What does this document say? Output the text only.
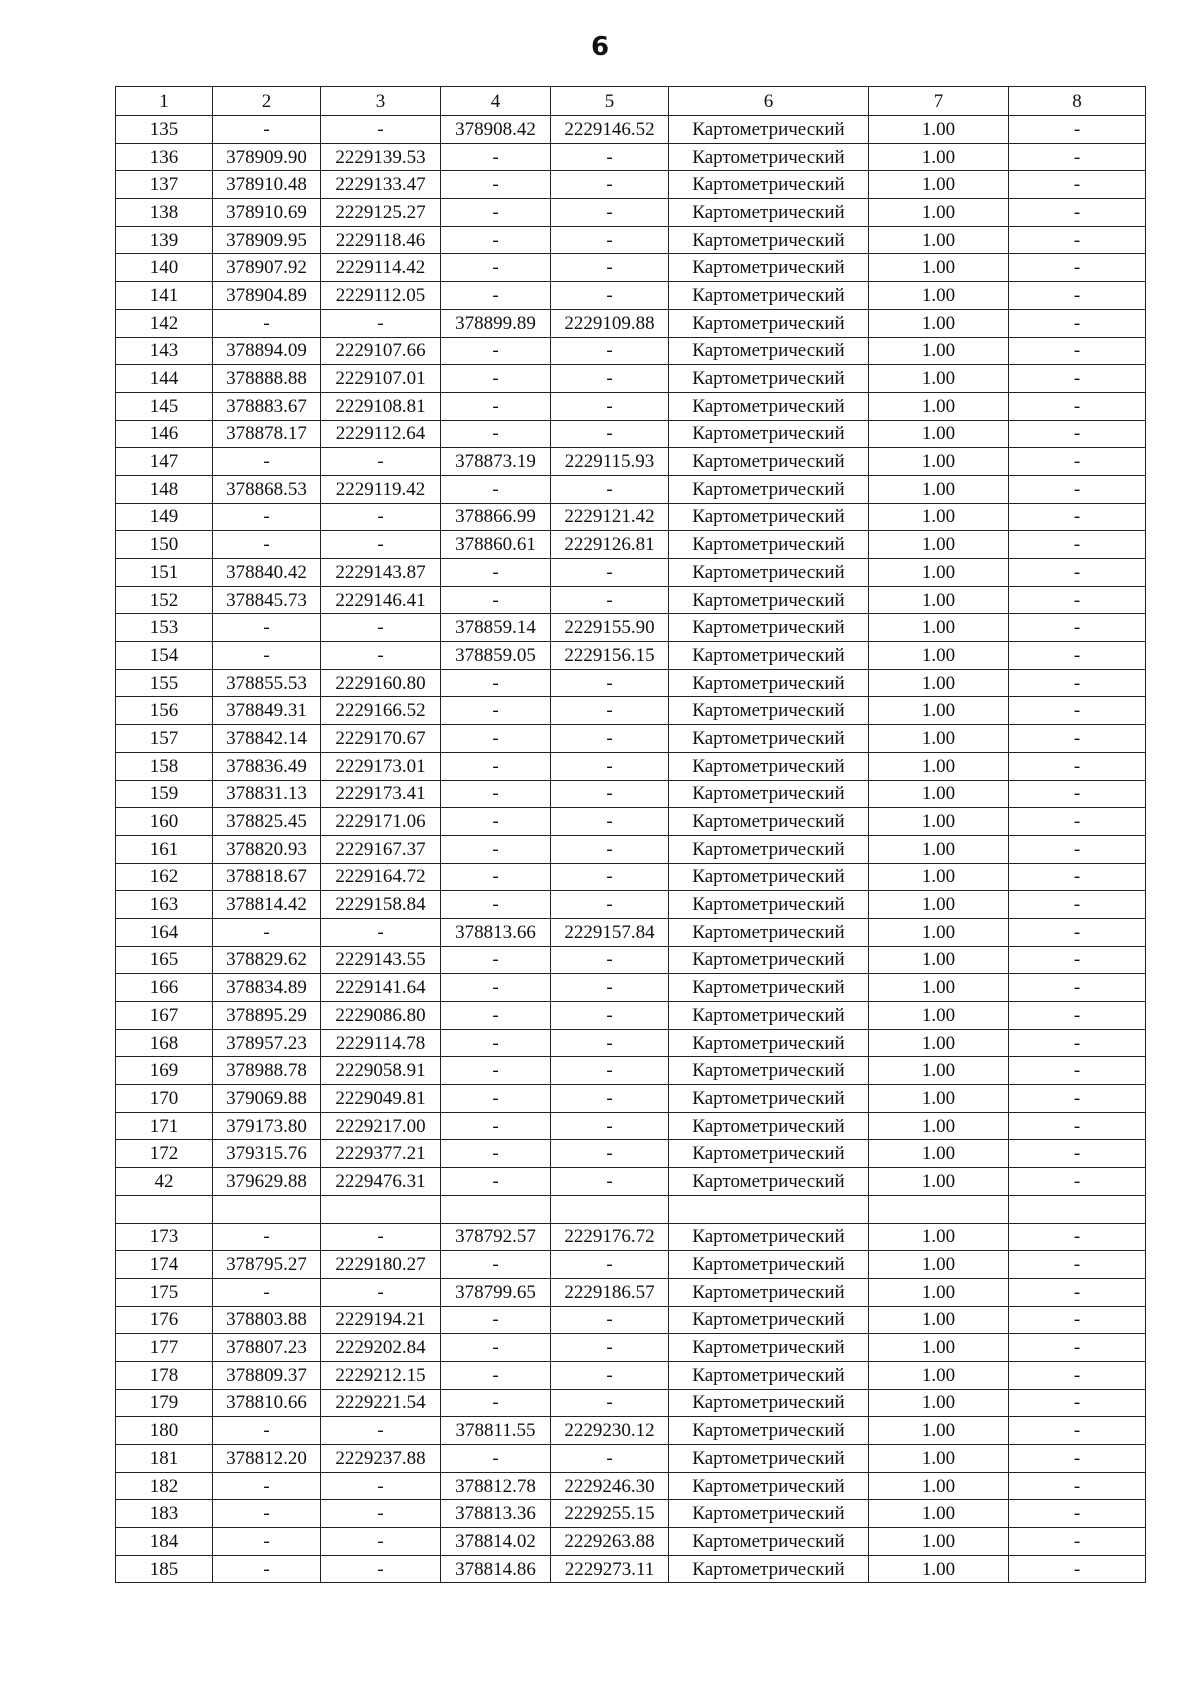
6
1	2	3	4	5	6	7	8
135	-	-	378908.42	2229146.52	Картометрический	1.00	-
136	378909.90	2229139.53	-	-	Картометрический	1.00	-
137	378910.48	2229133.47	-	-	Картометрический	1.00	-
138	378910.69	2229125.27	-	-	Картометрический	1.00	-
139	378909.95	2229118.46	-	-	Картометрический	1.00	-
140	378907.92	2229114.42	-	-	Картометрический	1.00	-
141	378904.89	2229112.05	-	-	Картометрический	1.00	-
142	-	-	378899.89	2229109.88	Картометрический	1.00	-
143	378894.09	2229107.66	-	-	Картометрический	1.00	-
144	378888.88	2229107.01	-	-	Картометрический	1.00	-
145	378883.67	2229108.81	-	-	Картометрический	1.00	-
146	378878.17	2229112.64	-	-	Картометрический	1.00	-
147	-	-	378873.19	2229115.93	Картометрический	1.00	-
148	378868.53	2229119.42	-	-	Картометрический	1.00	-
149	-	-	378866.99	2229121.42	Картометрический	1.00	-
150	-	-	378860.61	2229126.81	Картометрический	1.00	-
151	378840.42	2229143.87	-	-	Картометрический	1.00	-
152	378845.73	2229146.41	-	-	Картометрический	1.00	-
153	-	-	378859.14	2229155.90	Картометрический	1.00	-
154	-	-	378859.05	2229156.15	Картометрический	1.00	-
155	378855.53	2229160.80	-	-	Картометрический	1.00	-
156	378849.31	2229166.52	-	-	Картометрический	1.00	-
157	378842.14	2229170.67	-	-	Картометрический	1.00	-
158	378836.49	2229173.01	-	-	Картометрический	1.00	-
159	378831.13	2229173.41	-	-	Картометрический	1.00	-
160	378825.45	2229171.06	-	-	Картометрический	1.00	-
161	378820.93	2229167.37	-	-	Картометрический	1.00	-
162	378818.67	2229164.72	-	-	Картометрический	1.00	-
163	378814.42	2229158.84	-	-	Картометрический	1.00	-
164	-	-	378813.66	2229157.84	Картометрический	1.00	-
165	378829.62	2229143.55	-	-	Картометрический	1.00	-
166	378834.89	2229141.64	-	-	Картометрический	1.00	-
167	378895.29	2229086.80	-	-	Картометрический	1.00	-
168	378957.23	2229114.78	-	-	Картометрический	1.00	-
169	378988.78	2229058.91	-	-	Картометрический	1.00	-
170	379069.88	2229049.81	-	-	Картометрический	1.00	-
171	379173.80	2229217.00	-	-	Картометрический	1.00	-
172	379315.76	2229377.21	-	-	Картометрический	1.00	-
42	379629.88	2229476.31	-	-	Картометрический	1.00	-

173	-	-	378792.57	2229176.72	Картометрический	1.00	-
174	378795.27	2229180.27	-	-	Картометрический	1.00	-
175	-	-	378799.65	2229186.57	Картометрический	1.00	-
176	378803.88	2229194.21	-	-	Картометрический	1.00	-
177	378807.23	2229202.84	-	-	Картометрический	1.00	-
178	378809.37	2229212.15	-	-	Картометрический	1.00	-
179	378810.66	2229221.54	-	-	Картометрический	1.00	-
180	-	-	378811.55	2229230.12	Картометрический	1.00	-
181	378812.20	2229237.88	-	-	Картометрический	1.00	-
182	-	-	378812.78	2229246.30	Картометрический	1.00	-
183	-	-	378813.36	2229255.15	Картометрический	1.00	-
184	-	-	378814.02	2229263.88	Картометрический	1.00	-
185	-	-	378814.86	2229273.11	Картометрический	1.00	-
